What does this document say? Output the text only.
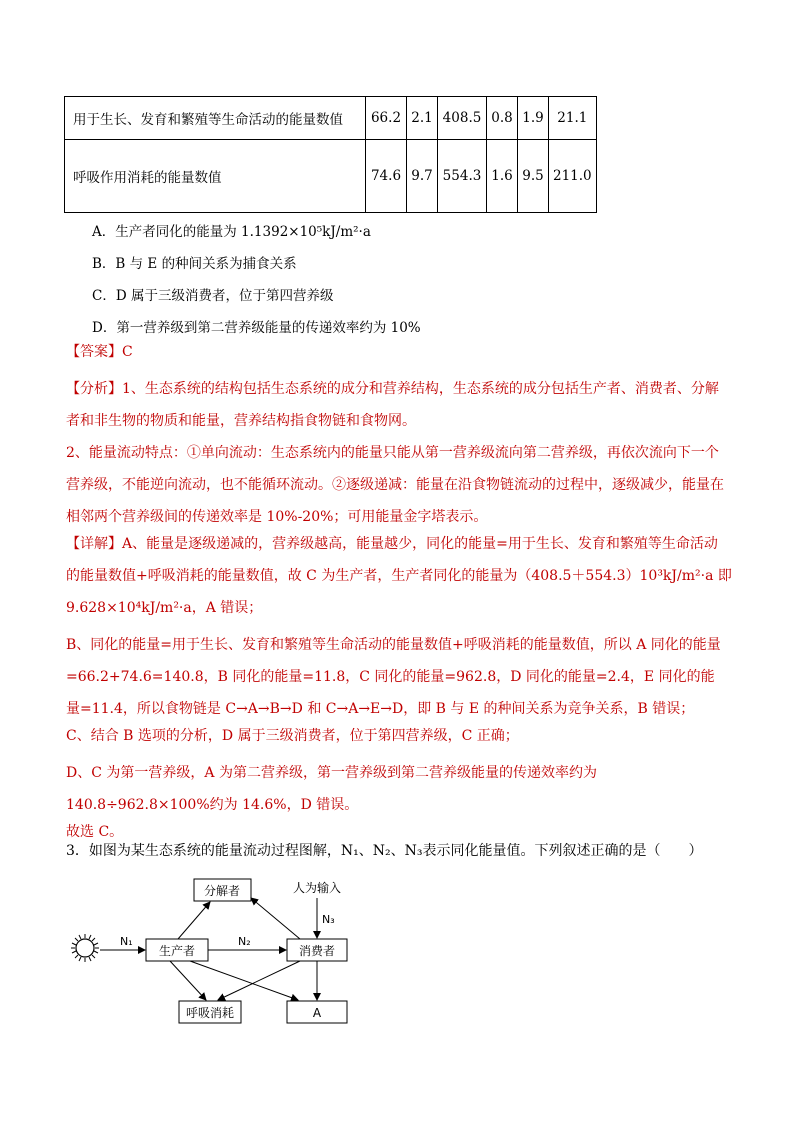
用于生长、发育和繁殖等生命活动的能量数值	66.2	2.1	408.5	0.8	1.9	21.1
呼吸作用消耗的能量数值	74.6	9.7	554.3	1.6	9.5	211.0
A．生产者同化的能量为 1.1392×10⁵kJ/m²·a
B．B 与 E 的种间关系为捕食关系
C．D 属于三级消费者，位于第四营养级
D．第一营养级到第二营养级能量的传递效率约为 10%
【答案】C
【分析】1、生态系统的结构包括生态系统的成分和营养结构，生态系统的成分包括生产者、消费者、分解者和非生物的物质和能量，营养结构指食物链和食物网。
2、能量流动特点：①单向流动：生态系统内的能量只能从第一营养级流向第二营养级，再依次流向下一个营养级，不能逆向流动，也不能循环流动。②逐级递减：能量在沿食物链流动的过程中，逐级减少，能量在相邻两个营养级间的传递效率是 10%-20%；可用能量金字塔表示。
【详解】A、能量是逐级递减的，营养级越高，能量越少，同化的能量=用于生长、发育和繁殖等生命活动
的能量数值+呼吸消耗的能量数值，故 C 为生产者，生产者同化的能量为（408.5＋554.3）10³kJ/m²·a 即
9.628×10⁴kJ/m²·a，A 错误；
B、同化的能量=用于生长、发育和繁殖等生命活动的能量数值+呼吸消耗的能量数值，所以 A 同化的能量=66.2+74.6=140.8，B 同化的能量=11.8，C 同化的能量=962.8，D 同化的能量=2.4，E 同化的能量=11.4，所以食物链是 C→A→B→D 和 C→A→E→D，即 B 与 E 的种间关系为竞争关系，B 错误；
C、结合 B 选项的分析，D 属于三级消费者，位于第四营养级，C 正确；
D、C 为第一营养级，A 为第二营养级，第一营养级到第二营养级能量的传递效率约为 140.8÷962.8×100%约为 14.6%，D 错误。
故选 C。
3．如图为某生态系统的能量流动过程图解，N₁、N₂、N₃表示同化能量值。下列叙述正确的是（　　）
分解者
生产者	消费者
呼吸消耗	A
人为输入
N₁	N₂
N₃
